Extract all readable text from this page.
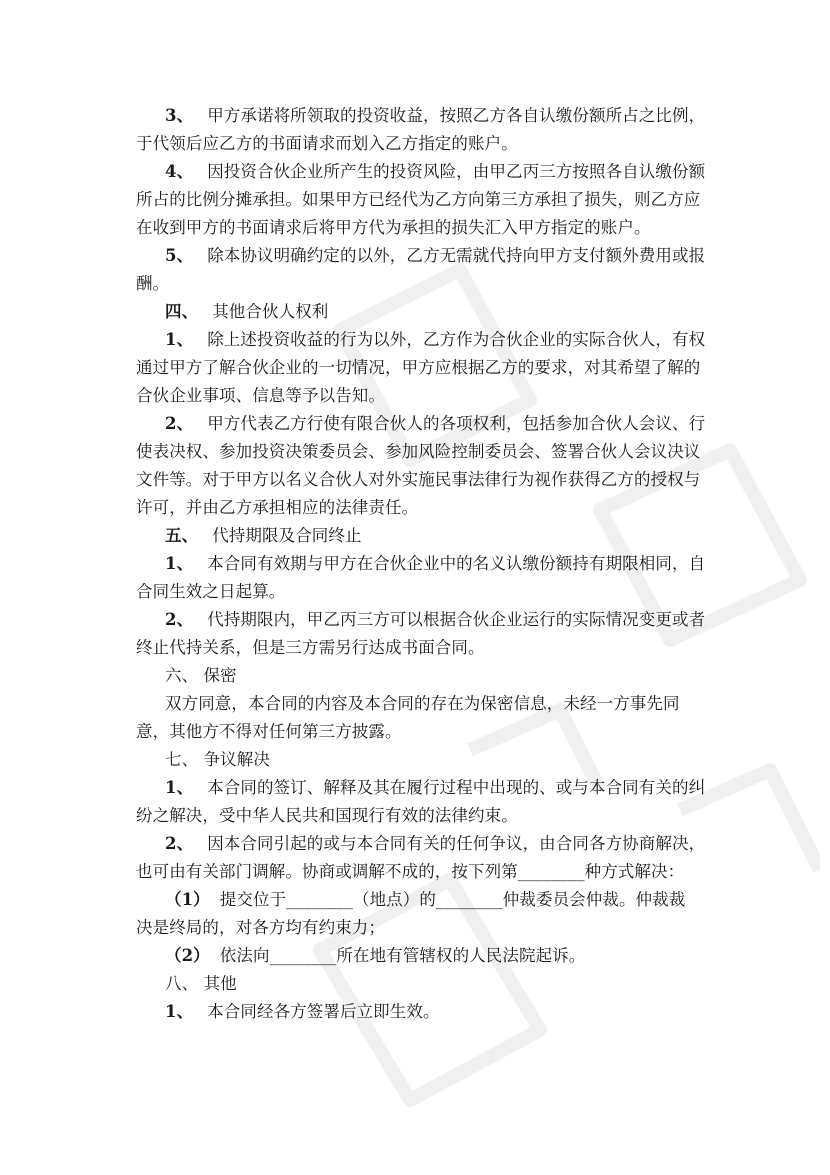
3、 甲方承诺将所领取的投资收益，按照乙方各自认缴份额所占之比例，
于代领后应乙方的书面请求而划入乙方指定的账户。
4、 因投资合伙企业所产生的投资风险，由甲乙丙三方按照各自认缴份额
所占的比例分摊承担。如果甲方已经代为乙方向第三方承担了损失，则乙方应
在收到甲方的书面请求后将甲方代为承担的损失汇入甲方指定的账户。
5、 除本协议明确约定的以外，乙方无需就代持向甲方支付额外费用或报
酬。
四、 其他合伙人权利
1、 除上述投资收益的行为以外，乙方作为合伙企业的实际合伙人，有权
通过甲方了解合伙企业的一切情况，甲方应根据乙方的要求，对其希望了解的
合伙企业事项、信息等予以告知。
2、 甲方代表乙方行使有限合伙人的各项权利，包括参加合伙人会议、行
使表决权、参加投资决策委员会、参加风险控制委员会、签署合伙人会议决议
文件等。对于甲方以名义合伙人对外实施民事法律行为视作获得乙方的授权与
许可，并由乙方承担相应的法律责任。
五、 代持期限及合同终止
1、 本合同有效期与甲方在合伙企业中的名义认缴份额持有期限相同，自
合同生效之日起算。
2、 代持期限内，甲乙丙三方可以根据合伙企业运行的实际情况变更或者
终止代持关系，但是三方需另行达成书面合同。
六、 保密
双方同意，本合同的内容及本合同的存在为保密信息，未经一方事先同
意，其他方不得对任何第三方披露。
七、 争议解决
1、 本合同的签订、解释及其在履行过程中出现的、或与本合同有关的纠
纷之解决，受中华人民共和国现行有效的法律约束。
2、 因本合同引起的或与本合同有关的任何争议，由合同各方协商解决，
也可由有关部门调解。协商或调解不成的，按下列第________种方式解决：
（1） 提交位于________（地点）的________仲裁委员会仲裁。仲裁裁
决是终局的，对各方均有约束力；
（2） 依法向________所在地有管辖权的人民法院起诉。
八、 其他
1、 本合同经各方签署后立即生效。
